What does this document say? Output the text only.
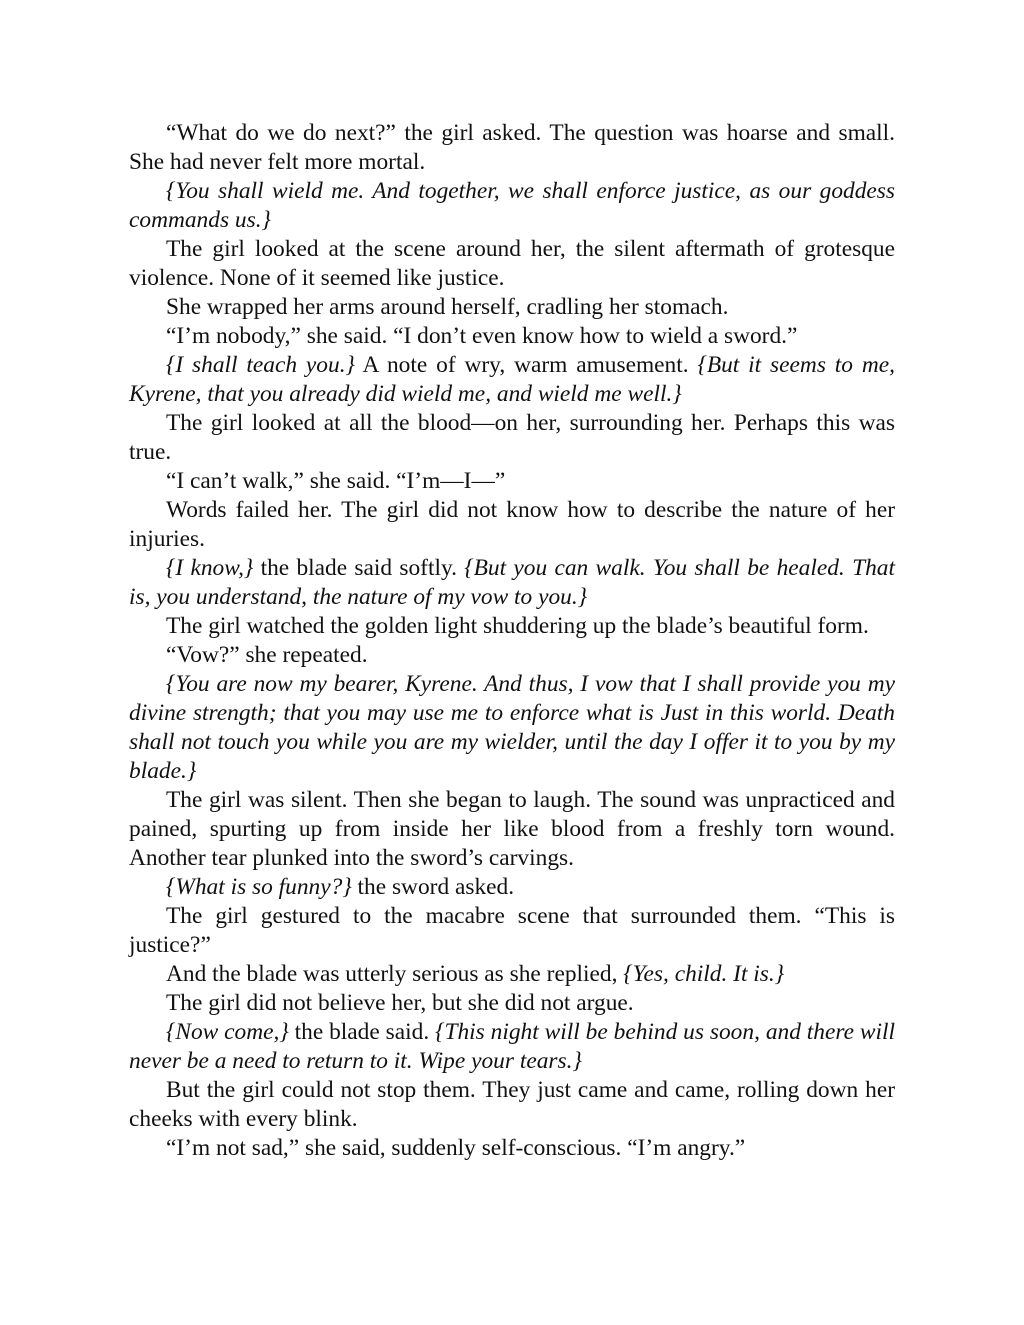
“What do we do next?” the girl asked. The question was hoarse and small. She had never felt more mortal.

{You shall wield me. And together, we shall enforce justice, as our goddess commands us.}

The girl looked at the scene around her, the silent aftermath of grotesque violence. None of it seemed like justice.

She wrapped her arms around herself, cradling her stomach.

“I’m nobody,” she said. “I don’t even know how to wield a sword.”

{I shall teach you.} A note of wry, warm amusement. {But it seems to me, Kyrene, that you already did wield me, and wield me well.}

The girl looked at all the blood—on her, surrounding her. Perhaps this was true.

“I can’t walk,” she said. “I’m—I—”

Words failed her. The girl did not know how to describe the nature of her injuries.

{I know,} the blade said softly. {But you can walk. You shall be healed. That is, you understand, the nature of my vow to you.}

The girl watched the golden light shuddering up the blade’s beautiful form.

“Vow?” she repeated.

{You are now my bearer, Kyrene. And thus, I vow that I shall provide you my divine strength; that you may use me to enforce what is Just in this world. Death shall not touch you while you are my wielder, until the day I offer it to you by my blade.}

The girl was silent. Then she began to laugh. The sound was unpracticed and pained, spurting up from inside her like blood from a freshly torn wound. Another tear plunked into the sword’s carvings.

{What is so funny?} the sword asked.

The girl gestured to the macabre scene that surrounded them. “This is justice?”

And the blade was utterly serious as she replied, {Yes, child. It is.}

The girl did not believe her, but she did not argue.

{Now come,} the blade said. {This night will be behind us soon, and there will never be a need to return to it. Wipe your tears.}

But the girl could not stop them. They just came and came, rolling down her cheeks with every blink.

“I’m not sad,” she said, suddenly self-conscious. “I’m angry.”
